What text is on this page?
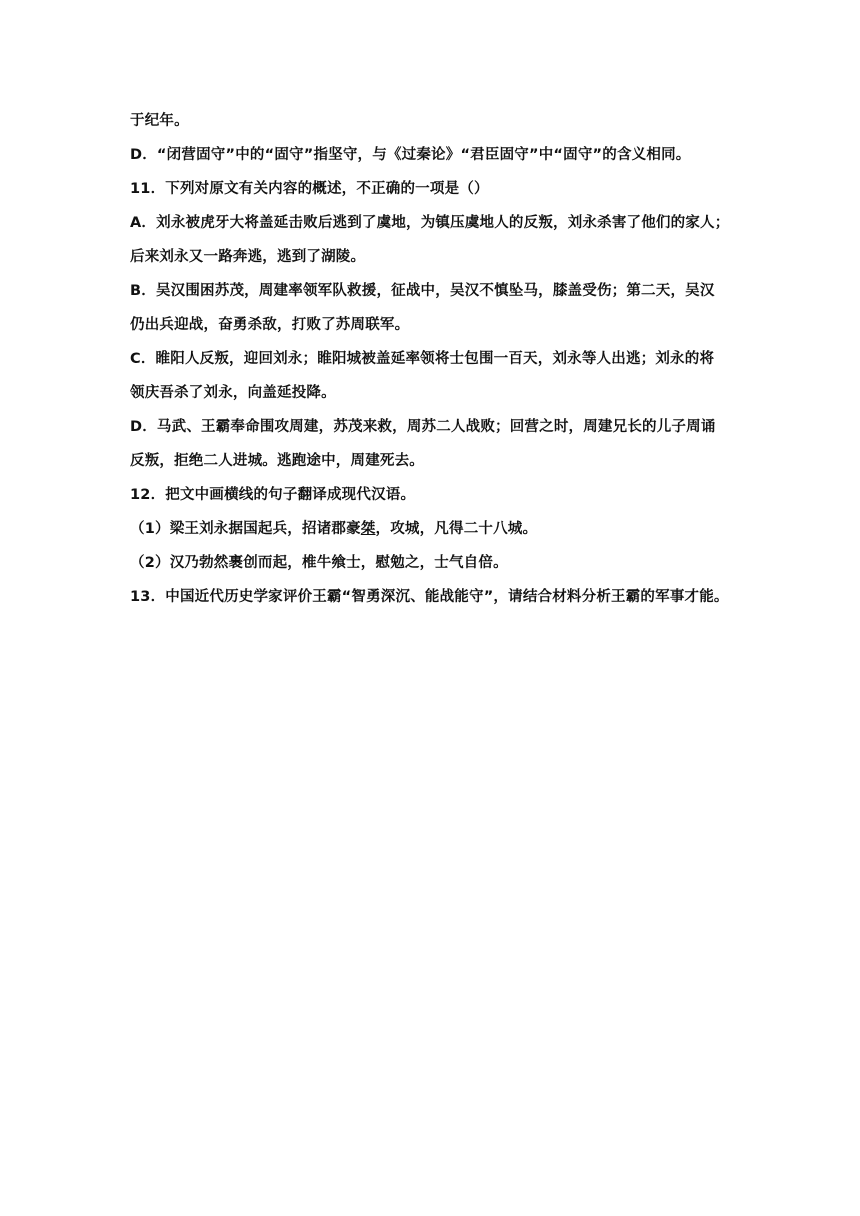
于纪年。
D．“闭营固守”中的“固守”指坚守，与《过秦论》“君臣固守”中“固守”的含义相同。
11．下列对原文有关内容的概述，不正确的一项是（）
A．刘永被虎牙大将盖延击败后逃到了虞地，为镇压虞地人的反叛，刘永杀害了他们的家人；
后来刘永又一路奔逃，逃到了湖陵。
B．吴汉围困苏茂，周建率领军队救援，征战中，吴汉不慎坠马，膝盖受伤；第二天，吴汉
仍出兵迎战，奋勇杀敌，打败了苏周联军。
C．睢阳人反叛，迎回刘永；睢阳城被盖延率领将士包围一百天，刘永等人出逃；刘永的将
领庆吾杀了刘永，向盖延投降。
D．马武、王霸奉命围攻周建，苏茂来救，周苏二人战败；回营之时，周建兄长的儿子周诵
反叛，拒绝二人进城。逃跑途中，周建死去。
12．把文中画横线的句子翻译成现代汉语。
（1）梁王刘永据国起兵，招诸郡豪桀，攻城，凡得二十八城。
（2）汉乃勃然裹创而起，椎牛飨士，慰勉之，士气自倍。
13．中国近代历史学家评价王霸“智勇深沉、能战能守”，请结合材料分析王霸的军事才能。
